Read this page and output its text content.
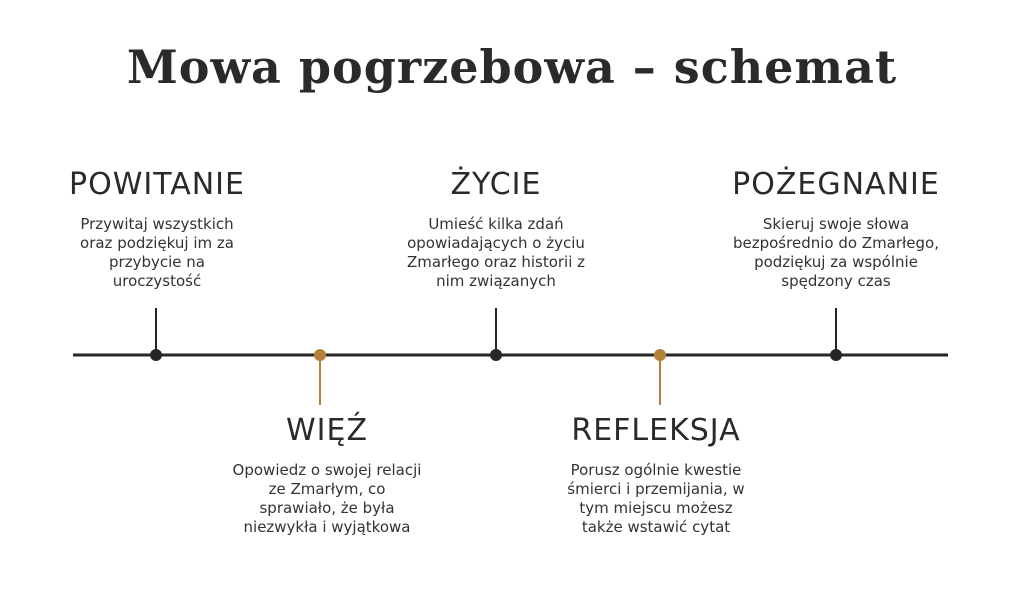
Mowa pogrzebowa – schemat
POWITANIE
Przywitaj wszystkich oraz podziękuj im za przybycie na uroczystość
ŻYCIE
Umieść kilka zdań opowiadających o życiu Zmarłego oraz historii z nim związanych
POŻEGNANIE
Skieruj swoje słowa bezpośrednio do Zmarłego, podziękuj za wspólnie spędzony czas
WIĘŹ
Opowiedz o swojej relacji ze Zmarłym, co sprawiało, że była niezwykła i wyjątkowa
REFLEKSJA
Porusz ogólnie kwestie śmierci i przemijania, w tym miejscu możesz także wstawić cytat
